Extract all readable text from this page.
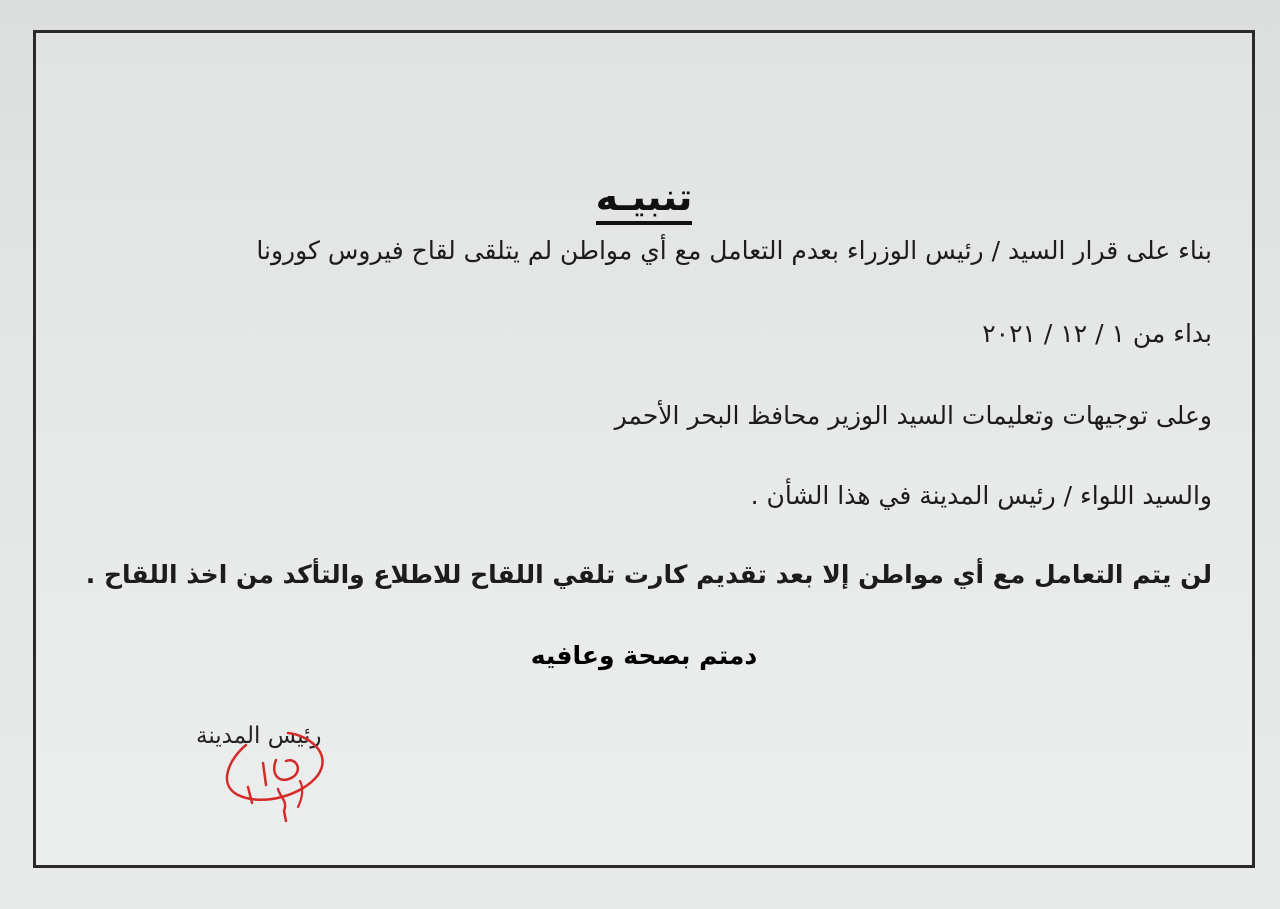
تنبيـه
بناء على قرار السيد / رئيس الوزراء بعدم التعامل مع أي مواطن لم يتلقى لقاح فيروس كورونا
بداء من ١ / ١٢ / ٢٠٢١
وعلى توجيهات وتعليمات السيد الوزير محافظ البحر الأحمر
والسيد اللواء / رئيس المدينة في هذا الشأن .
لن يتم التعامل مع أي مواطن إلا بعد تقديم كارت تلقي اللقاح للاطلاع والتأكد من اخذ اللقاح .
دمتم بصحة وعافيه
رئيس المدينة
